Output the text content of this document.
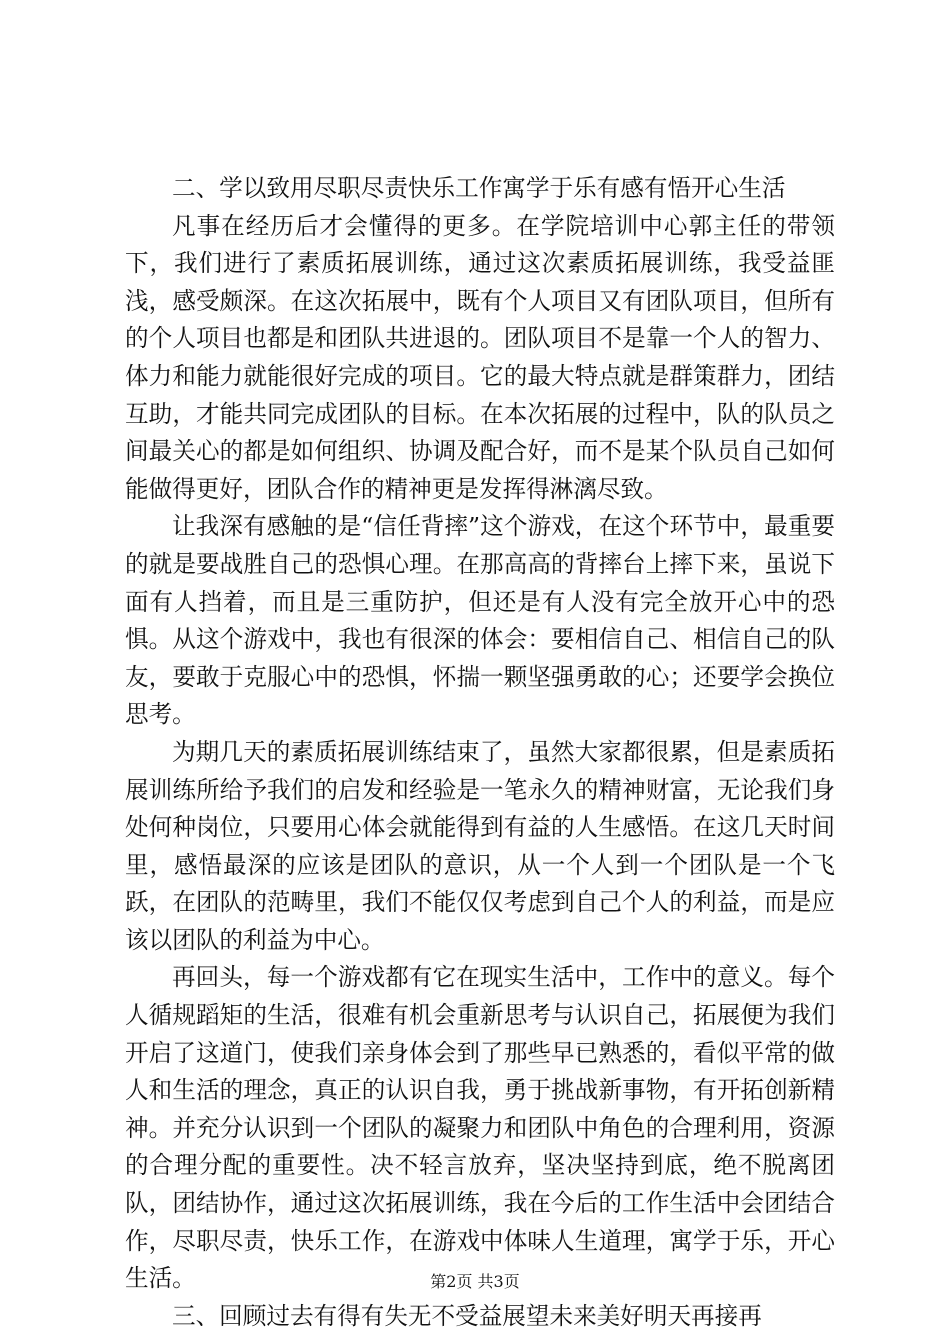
二、学以致用尽职尽责快乐工作寓学于乐有感有悟开心生活

凡事在经历后才会懂得的更多。在学院培训中心郭主任的带领下，我们进行了素质拓展训练，通过这次素质拓展训练，我受益匪浅，感受颇深。在这次拓展中，既有个人项目又有团队项目，但所有的个人项目也都是和团队共进退的。团队项目不是靠一个人的智力、体力和能力就能很好完成的项目。它的最大特点就是群策群力，团结互助，才能共同完成团队的目标。在本次拓展的过程中，队的队员之间最关心的都是如何组织、协调及配合好，而不是某个队员自己如何能做得更好，团队合作的精神更是发挥得淋漓尽致。

让我深有感触的是“信任背摔”这个游戏，在这个环节中，最重要的就是要战胜自己的恐惧心理。在那高高的背摔台上摔下来，虽说下面有人挡着，而且是三重防护，但还是有人没有完全放开心中的恐惧。从这个游戏中，我也有很深的体会：要相信自己、相信自己的队友，要敢于克服心中的恐惧，怀揣一颗坚强勇敢的心；还要学会换位思考。

为期几天的素质拓展训练结束了，虽然大家都很累，但是素质拓展训练所给予我们的启发和经验是一笔永久的精神财富，无论我们身处何种岗位，只要用心体会就能得到有益的人生感悟。在这几天时间里，感悟最深的应该是团队的意识，从一个人到一个团队是一个飞跃，在团队的范畴里，我们不能仅仅考虑到自己个人的利益，而是应该以团队的利益为中心。

再回头，每一个游戏都有它在现实生活中，工作中的意义。每个人循规蹈矩的生活，很难有机会重新思考与认识自己，拓展便为我们开启了这道门，使我们亲身体会到了那些早已熟悉的，看似平常的做人和生活的理念，真正的认识自我，勇于挑战新事物，有开拓创新精神。并充分认识到一个团队的凝聚力和团队中角色的合理利用，资源的合理分配的重要性。决不轻言放弃，坚决坚持到底，绝不脱离团队，团结协作，通过这次拓展训练，我在今后的工作生活中会团结合作，尽职尽责，快乐工作，在游戏中体味人生道理，寓学于乐，开心生活。

三、回顾过去有得有失无不受益展望未来美好明天再接再

第2页 共3页
